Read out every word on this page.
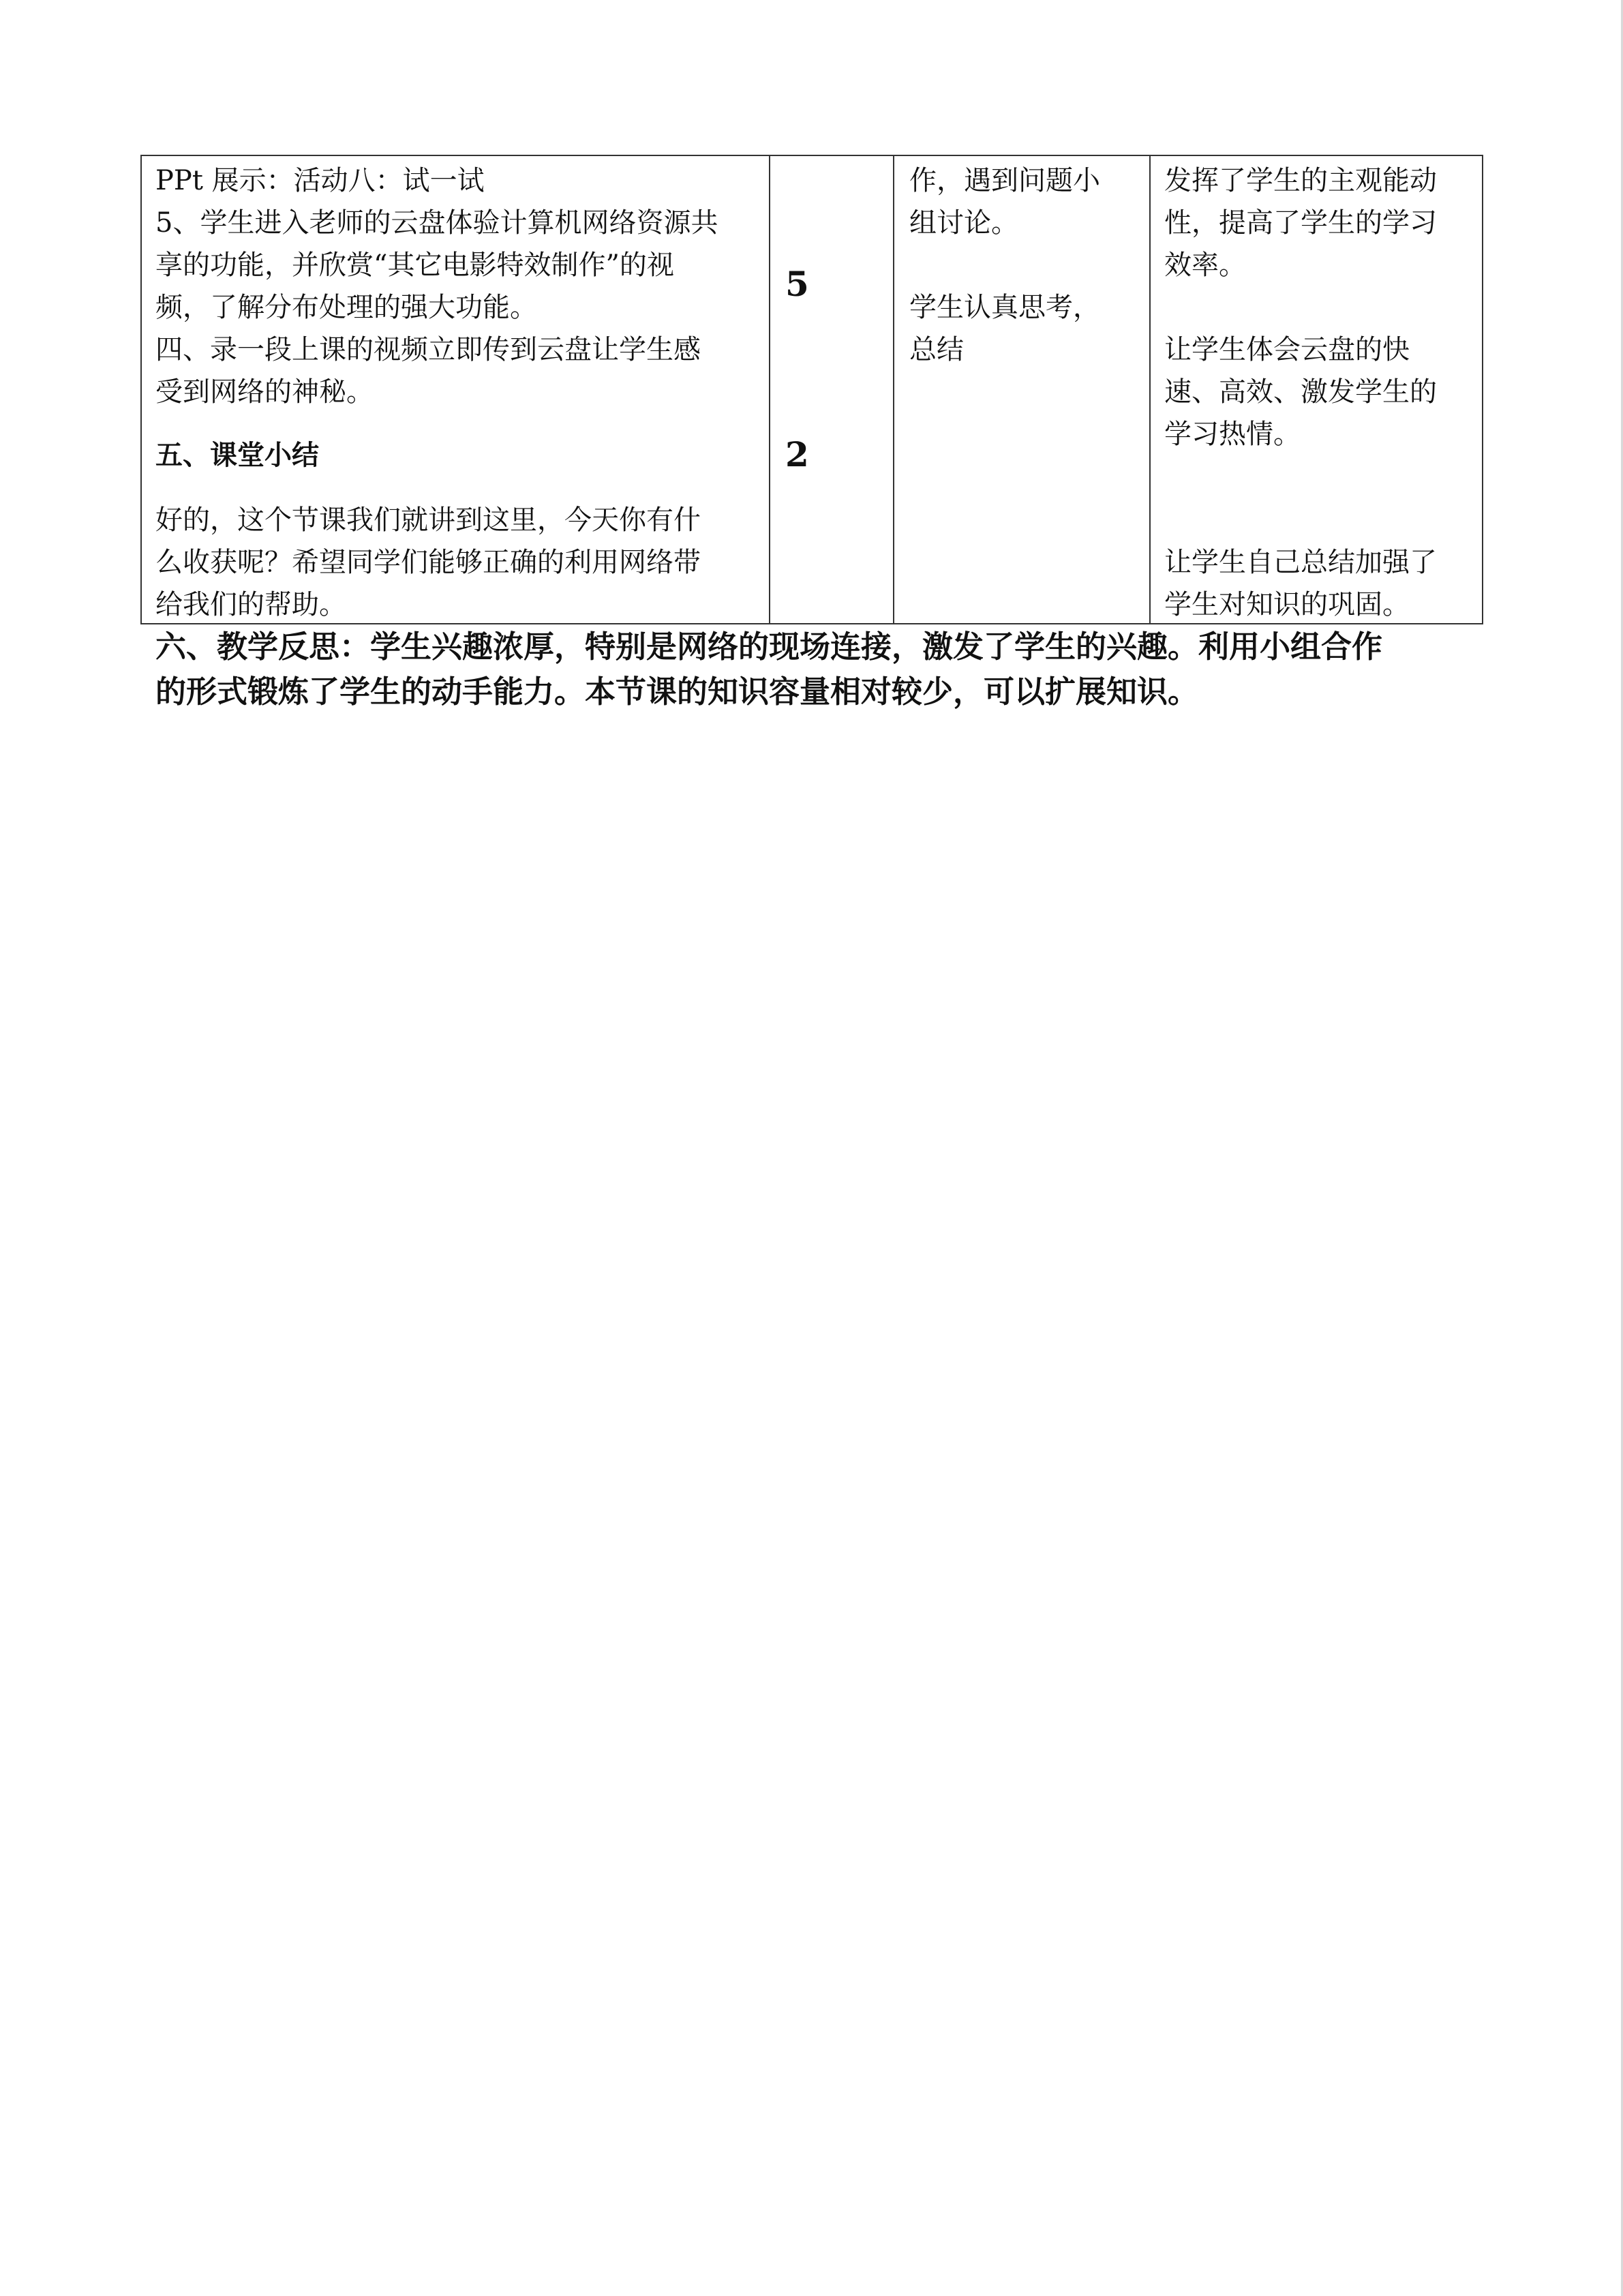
PPt 展示：活动八：试一试

5、学生进入老师的云盘体验计算机网络资源共

享的功能，并欣赏“其它电影特效制作”的视

频，了解分布处理的强大功能。

四、录一段上课的视频立即传到云盘让学生感

受到网络的神秘。

五、课堂小结

好的，这个节课我们就讲到这里，今天你有什

么收获呢？希望同学们能够正确的利用网络带

给我们的帮助。

5
2

作，遇到问题小

组讨论。

学生认真思考，

总结

发挥了学生的主观能动

性，提高了学生的学习

效率。

让学生体会云盘的快

速、高效、激发学生的

学习热情。

让学生自己总结加强了

学生对知识的巩固。

六、教学反思：学生兴趣浓厚，特别是网络的现场连接，激发了学生的兴趣。利用小组合作
的形式锻炼了学生的动手能力。本节课的知识容量相对较少，可以扩展知识。
